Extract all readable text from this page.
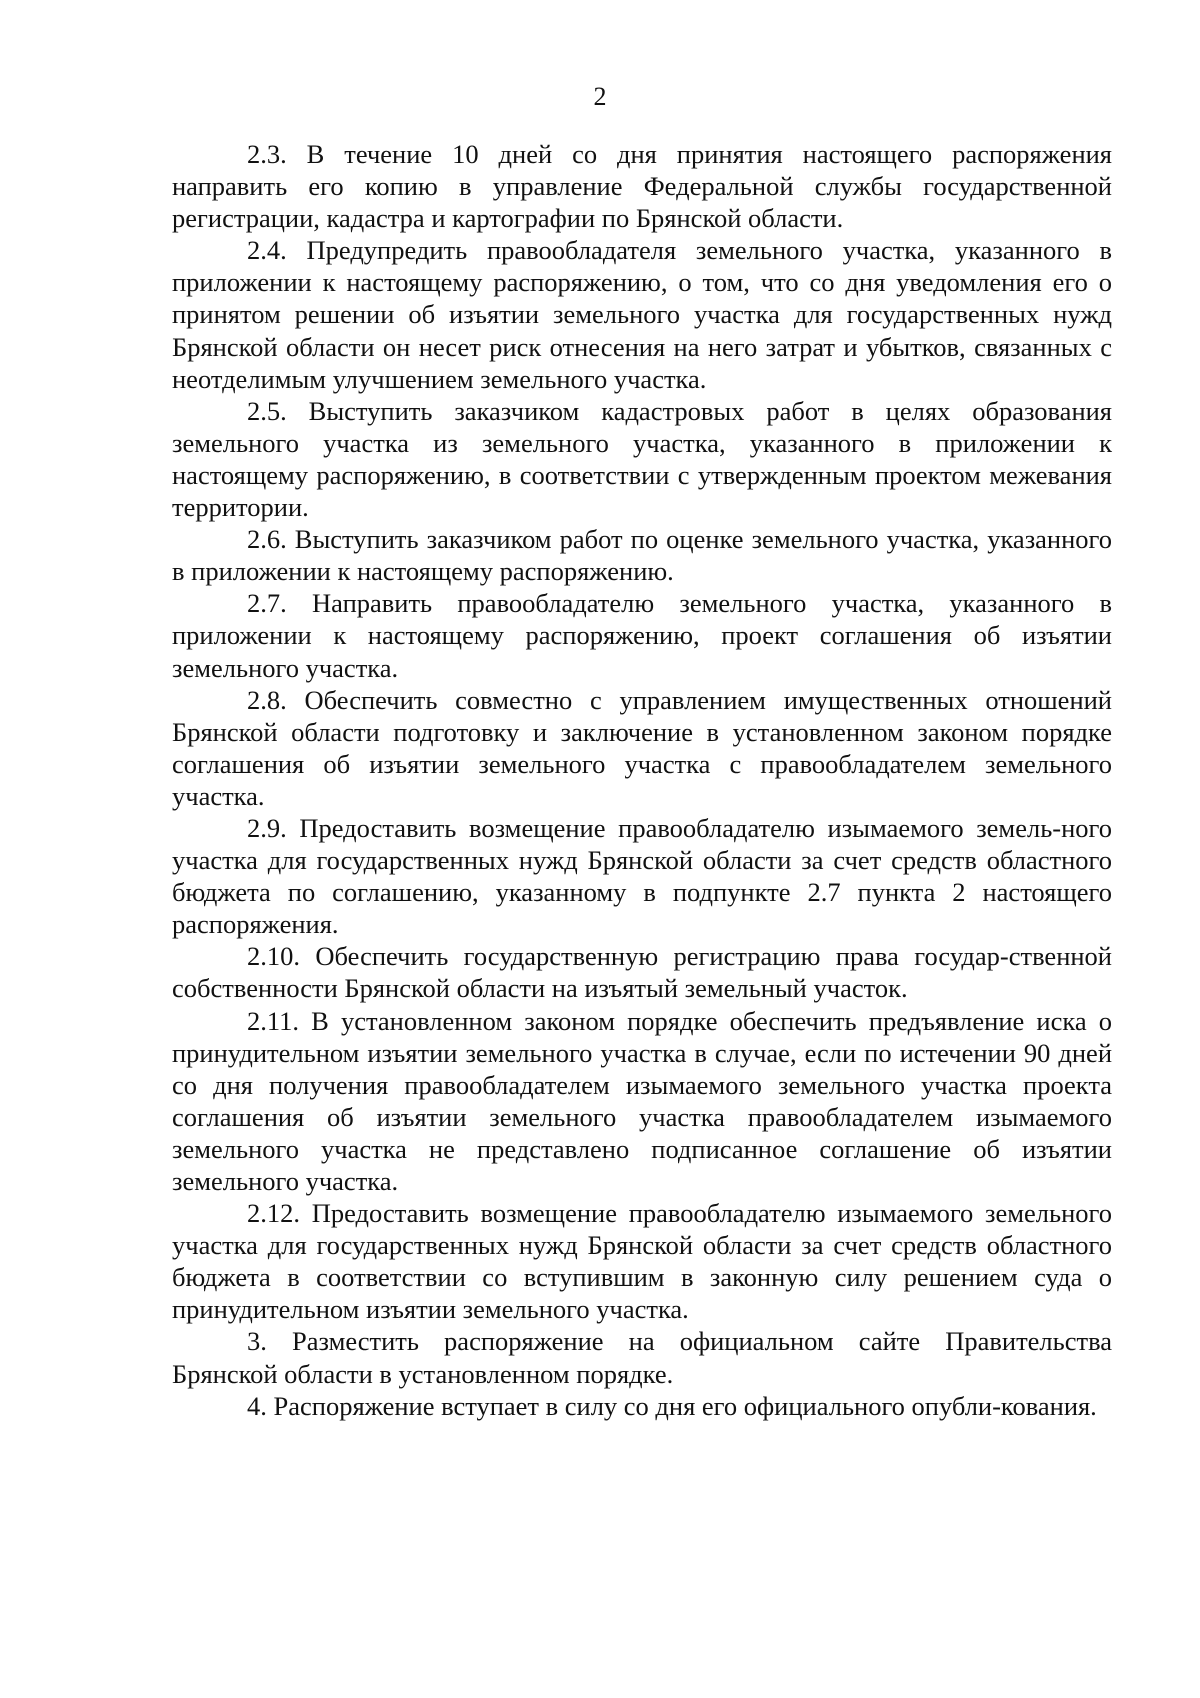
2

2.3. В течение 10 дней со дня принятия настоящего распоряжения направить его копию в управление Федеральной службы государственной регистрации, кадастра и картографии по Брянской области.

2.4. Предупредить правообладателя земельного участка, указанного в приложении к настоящему распоряжению, о том, что со дня уведомления его о принятом решении об изъятии земельного участка для государственных нужд Брянской области он несет риск отнесения на него затрат и убытков, связанных с неотделимым улучшением земельного участка.

2.5. Выступить заказчиком кадастровых работ в целях образования земельного участка из земельного участка, указанного в приложении к настоящему распоряжению, в соответствии с утвержденным проектом межевания территории.

2.6. Выступить заказчиком работ по оценке земельного участка, указанного в приложении к настоящему распоряжению.

2.7. Направить правообладателю земельного участка, указанного в приложении к настоящему распоряжению, проект соглашения об изъятии земельного участка.

2.8. Обеспечить совместно с управлением имущественных отношений Брянской области подготовку и заключение в установленном законом порядке соглашения об изъятии земельного участка с правообладателем земельного участка.

2.9. Предоставить возмещение правообладателю изымаемого земель-ного участка для государственных нужд Брянской области за счет средств областного бюджета по соглашению, указанному в подпункте 2.7 пункта 2 настоящего распоряжения.

2.10. Обеспечить государственную регистрацию права государ-ственной собственности Брянской области на изъятый земельный участок.

2.11. В установленном законом порядке обеспечить предъявление иска о принудительном изъятии земельного участка в случае, если по истечении 90 дней со дня получения правообладателем изымаемого земельного участка проекта соглашения об изъятии земельного участка правообладателем изымаемого земельного участка не представлено подписанное соглашение об изъятии земельного участка.

2.12. Предоставить возмещение правообладателю изымаемого земельного участка для государственных нужд Брянской области за счет средств областного бюджета в соответствии со вступившим в законную силу решением суда о принудительном изъятии земельного участка.

3. Разместить распоряжение на официальном сайте Правительства Брянской области в установленном порядке.

4. Распоряжение вступает в силу со дня его официального опубли-кования.
